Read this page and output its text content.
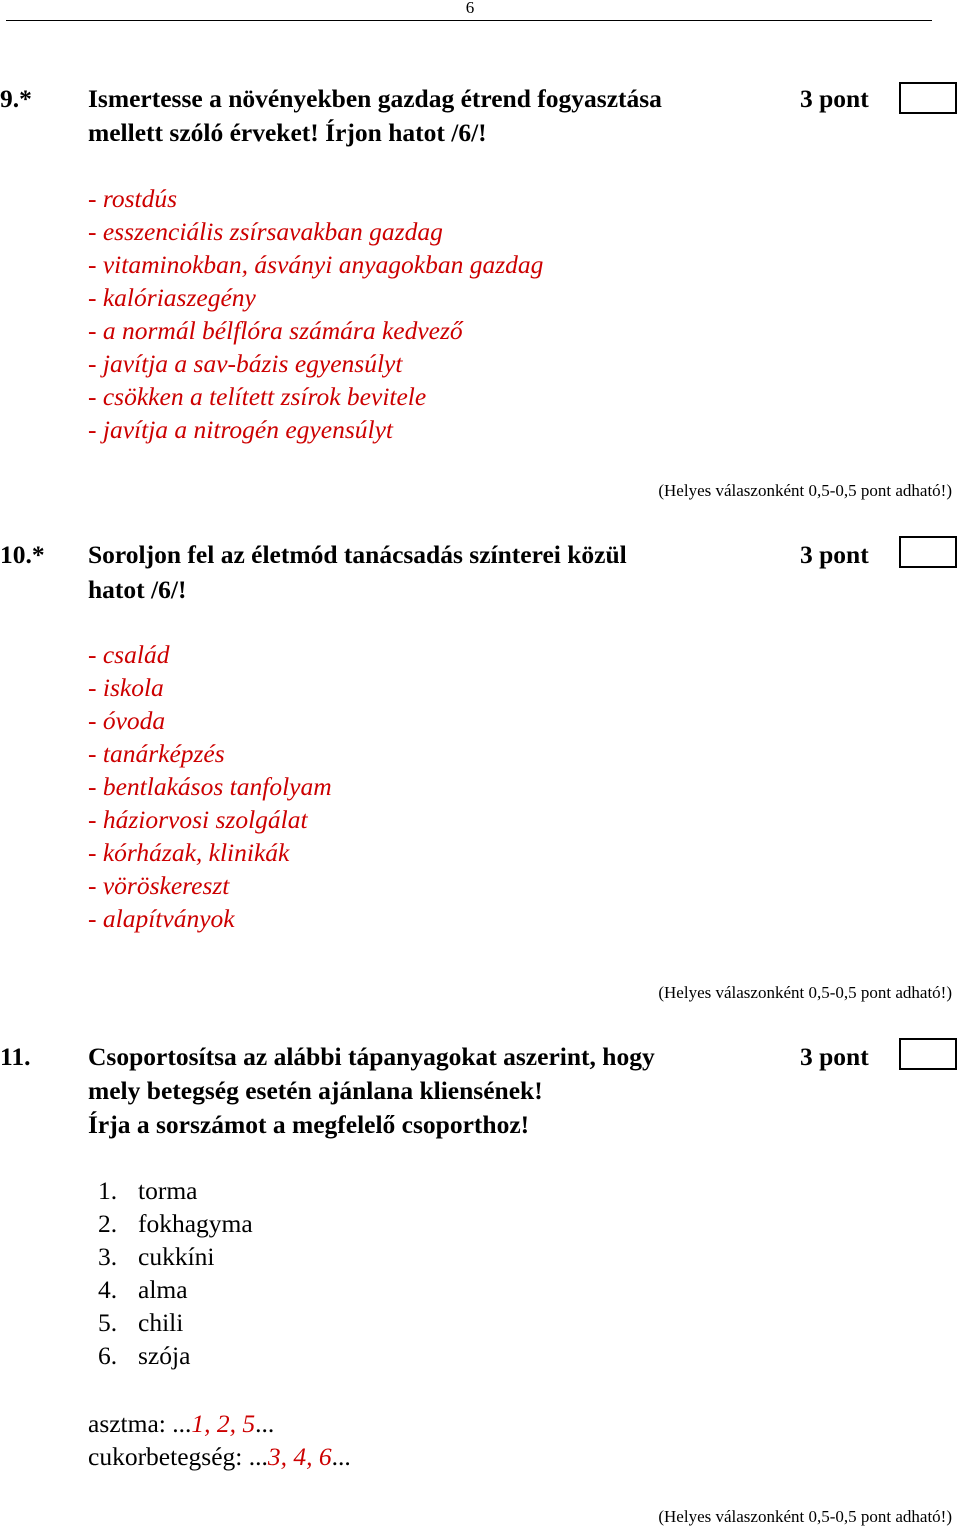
6
9.* Ismertesse a növényekben gazdag étrend fogyasztása
mellett szóló érveket! Írjon hatot /6/!
3 pont
- rostdús
- esszenciális zsírsavakban gazdag
- vitaminokban, ásványi anyagokban gazdag
- kalóriaszegény
- a normál bélflóra számára kedvező
- javítja a sav-bázis egyensúlyt
- csökken a telített zsírok bevitele
- javítja a nitrogén egyensúlyt
(Helyes válaszonként 0,5-0,5 pont adható!)
10.* Soroljon fel az életmód tanácsadás színterei közül
hatot /6/!
3 pont
- család
- iskola
- óvoda
- tanárképzés
- bentlakásos tanfolyam
- háziorvosi szolgálat
- kórházak, klinikák
- vöröskereszt
- alapítványok
(Helyes válaszonként 0,5-0,5 pont adható!)
11. Csoportosítsa az alábbi tápanyagokat aszerint, hogy
mely betegség esetén ajánlana kliensének!
Írja a sorszámot a megfelelő csoporthoz!
3 pont
1. torma
2. fokhagyma
3. cukkíni
4. alma
5. chili
6. szója
asztma: ...1, 2, 5...
cukorbetegség: ...3, 4, 6...
(Helyes válaszonként 0,5-0,5 pont adható!)
